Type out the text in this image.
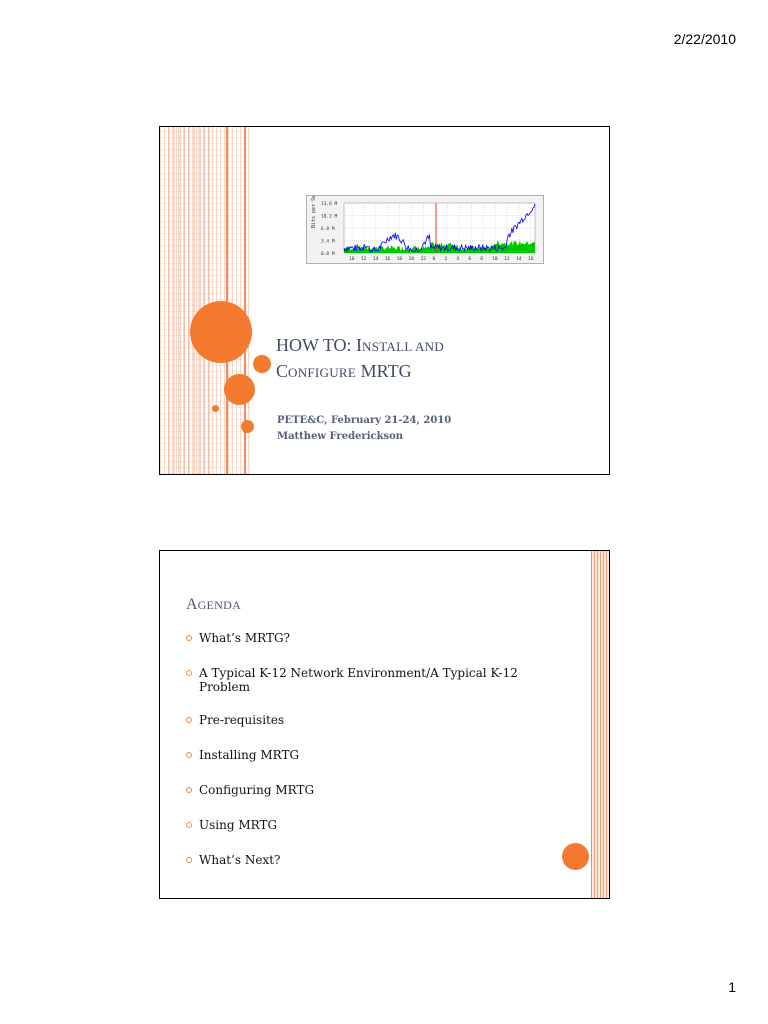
2/22/2010
13.6 M
10.2 M
6.8 M
3.4 M
0.0 M
10 12 14 16 18 20 22 0 2 4 6 8 10 12 14 16
Bits per Second
HOW TO: INSTALL AND
CONFIGURE MRTG
PETE&C, February 21-24, 2010
Matthew Frederickson
AGENDA
What’s MRTG?
A Typical K-12 Network Environment/A Typical K-12 Problem
Pre-requisites
Installing MRTG
Configuring MRTG
Using MRTG
What’s Next?
1
